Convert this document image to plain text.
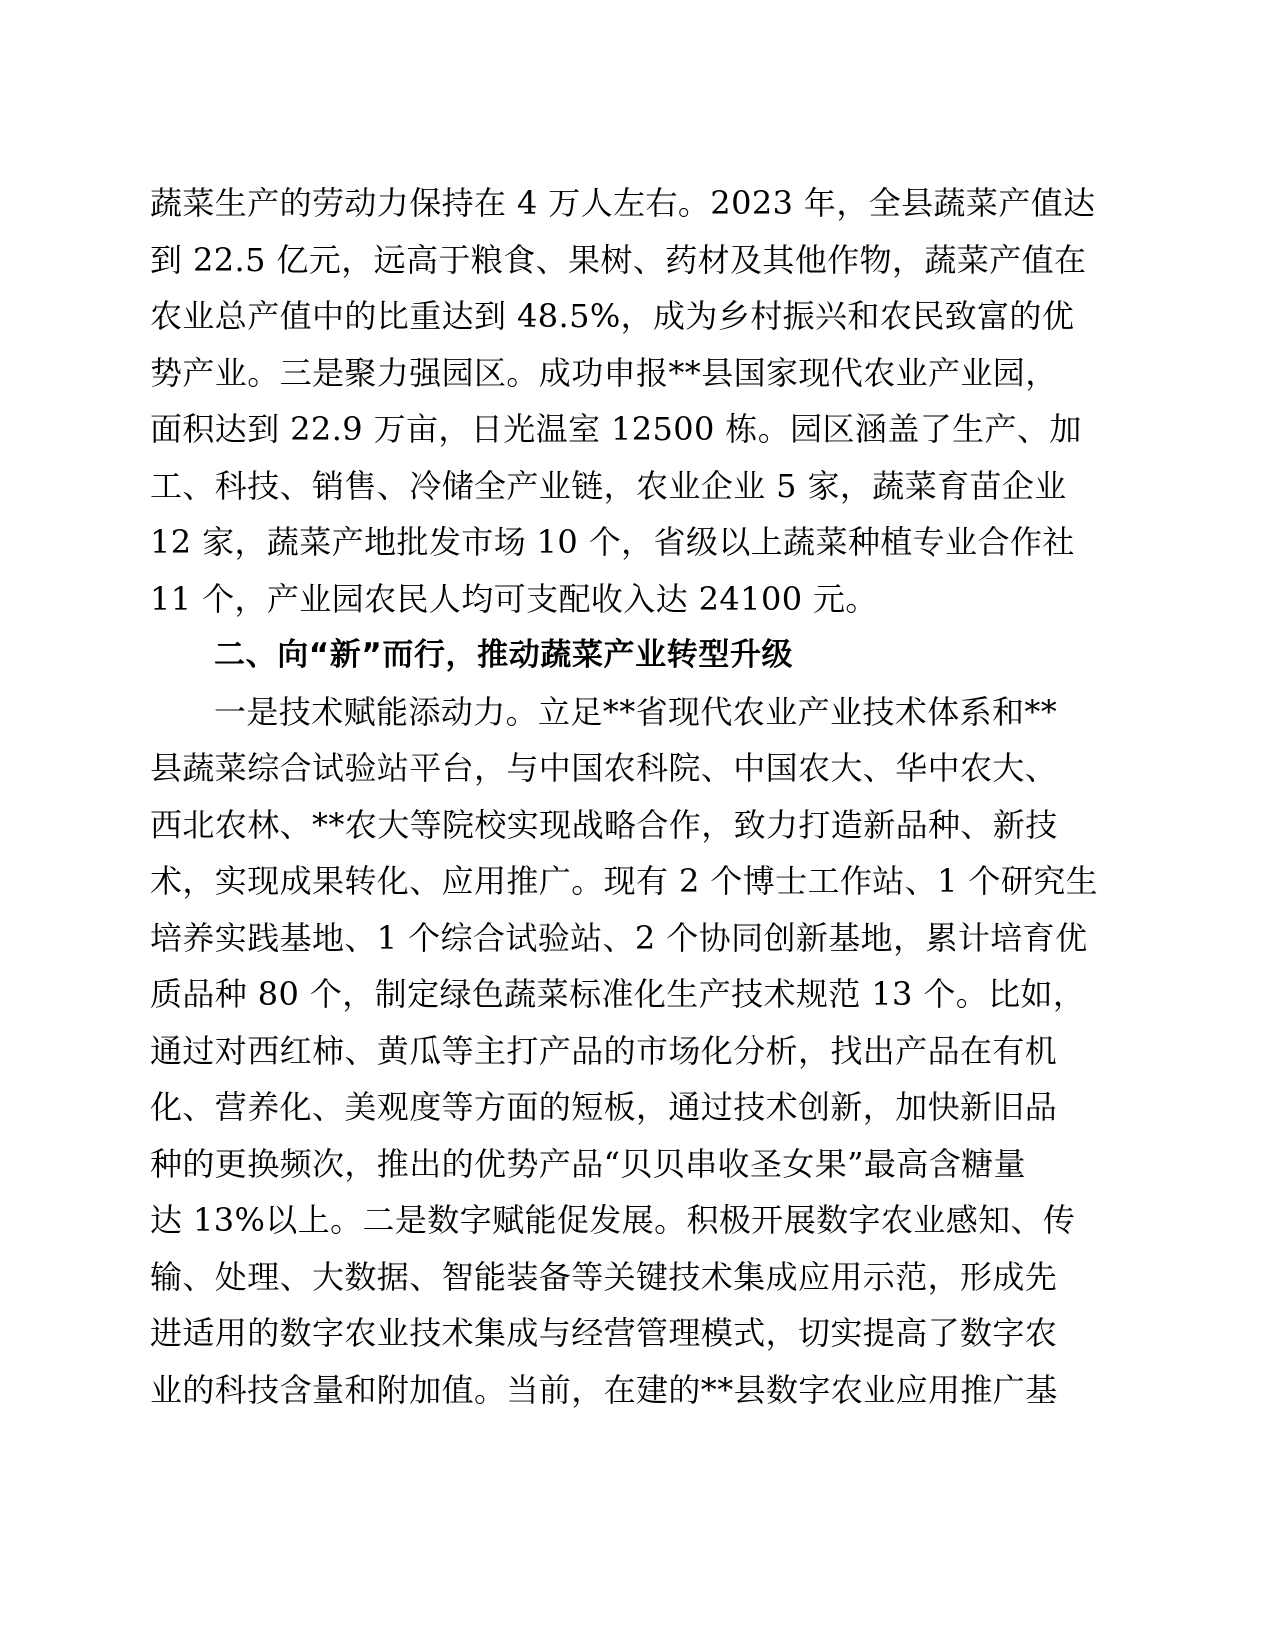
蔬菜生产的劳动力保持在 4 万人左右。2023 年，全县蔬菜产值达
到 22.5 亿元，远高于粮食、果树、药材及其他作物，蔬菜产值在
农业总产值中的比重达到 48.5%，成为乡村振兴和农民致富的优
势产业。三是聚力强园区。成功申报**县国家现代农业产业园，
面积达到 22.9 万亩，日光温室 12500 栋。园区涵盖了生产、加
工、科技、销售、冷储全产业链，农业企业 5 家，蔬菜育苗企业
12 家，蔬菜产地批发市场 10 个，省级以上蔬菜种植专业合作社
11 个，产业园农民人均可支配收入达 24100 元。
二、向“新”而行，推动蔬菜产业转型升级
一是技术赋能添动力。立足**省现代农业产业技术体系和**
县蔬菜综合试验站平台，与中国农科院、中国农大、华中农大、
西北农林、**农大等院校实现战略合作，致力打造新品种、新技
术，实现成果转化、应用推广。现有 2 个博士工作站、1 个研究生
培养实践基地、1 个综合试验站、2 个协同创新基地，累计培育优
质品种 80 个，制定绿色蔬菜标准化生产技术规范 13 个。比如，
通过对西红柿、黄瓜等主打产品的市场化分析，找出产品在有机
化、营养化、美观度等方面的短板，通过技术创新，加快新旧品
种的更换频次，推出的优势产品“贝贝串收圣女果”最高含糖量
达 13%以上。二是数字赋能促发展。积极开展数字农业感知、传
输、处理、大数据、智能装备等关键技术集成应用示范，形成先
进适用的数字农业技术集成与经营管理模式，切实提高了数字农
业的科技含量和附加值。当前，在建的**县数字农业应用推广基
